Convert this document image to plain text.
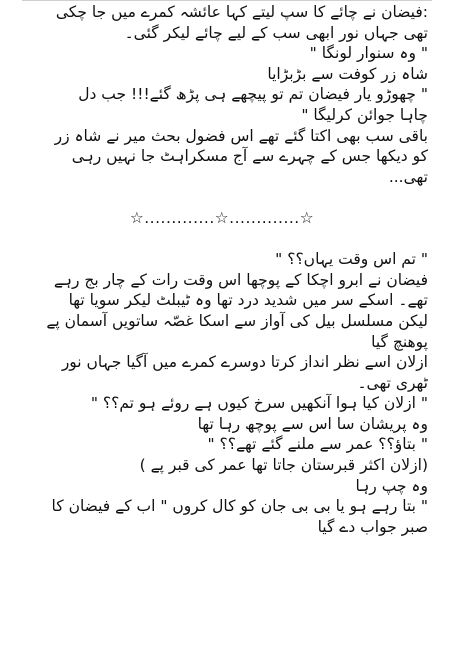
:فیضان نے چائے کا سپ لیتے کہا عائشہ کمرے میں جا چکی
تھی جہاں نور ابھی سب کے لیے چائے لیکر گئی۔
" وہ سنوار لونگا "
شاہ زر کوفت سے بڑبڑایا
" چھوڑو یار فیضان تم تو پیچھے ہی پڑھ گئے!!! جب دل
چاہا جوائن کرلیگا "
باقی سب بھی اکتا گئے تھے اس فضول بحث میر نے شاہ زر
کو دیکھا جس کے چہرے سے آج مسکراہٹ جا نہیں رہی
تھی...
☆.............☆.............☆
" تم اس وقت یہاں؟؟ "
فیضان نے ابرو اچکا کے پوچھا اس وقت رات کے چار بج رہے
تھے۔ اسکے سر میں شدید درد تھا وہ ٹیبلٹ لیکر سویا تھا
لیکن مسلسل بیل کی آواز سے اسکا غصّہ ساتویں آسمان پے
پوھنچ گیا
ازلان اسے نظر انداز کرتا دوسرے کمرے میں آگیا جہاں نور
ٹھری تھی۔
" ازلان کیا ہوا آنکھیں سرخ کیوں ہے روئے ہو تم؟؟ "
وہ پریشان سا اس سے پوچھ رہا تھا
" بتاؤ؟؟ عمر سے ملنے گئے تھے؟؟ "
(ازلان اکثر قبرستان جاتا تھا عمر کی قبر پے )
وہ چپ رہا
" بتا رہے ہو یا بی بی جان کو کال کروں " اب کے فیضان کا
صبر جواب دے گیا
